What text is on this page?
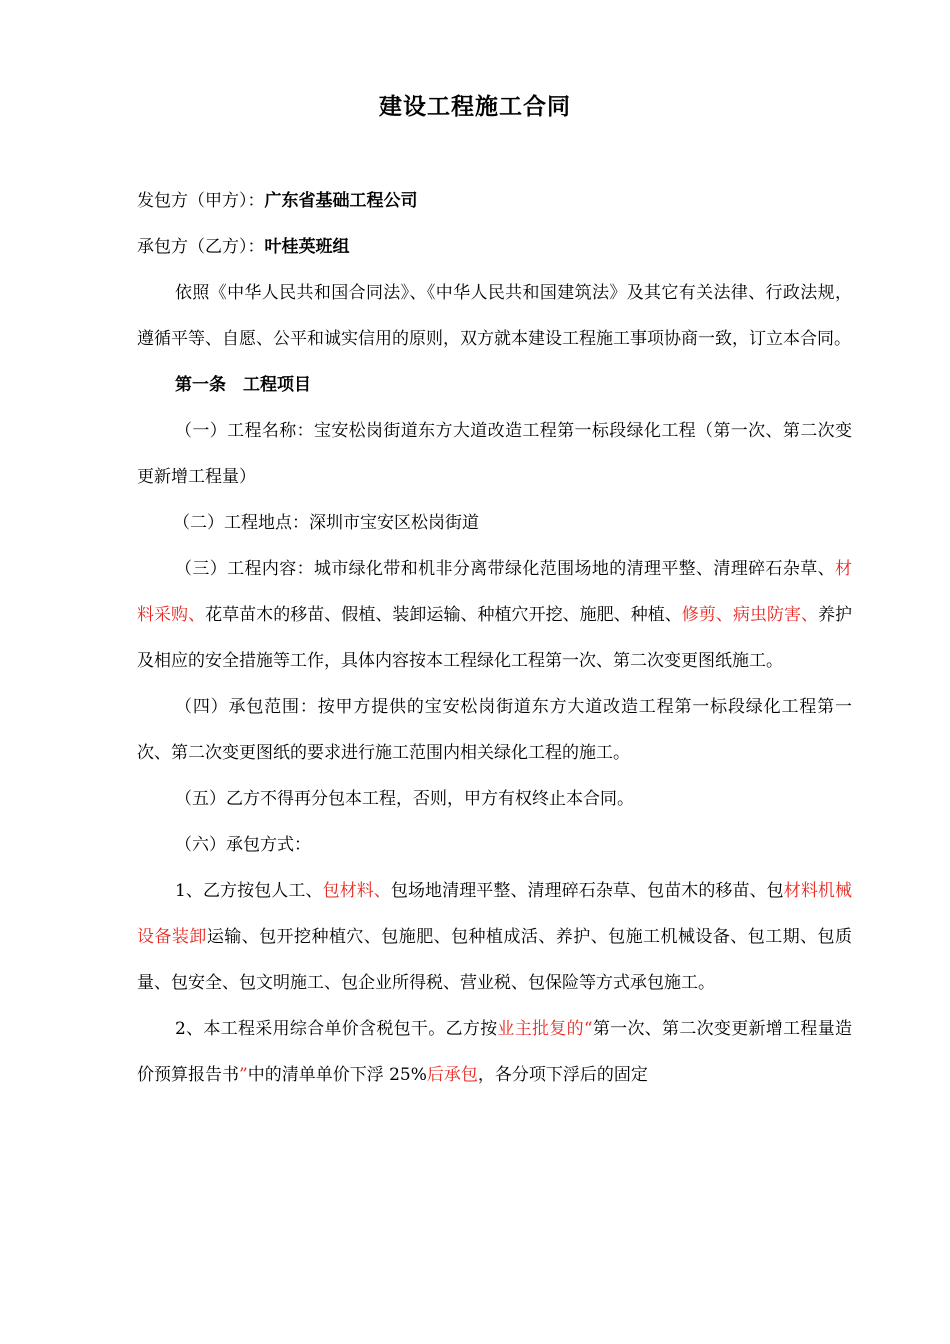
建设工程施工合同

发包方（甲方）：广东省基础工程公司

承包方（乙方）：叶桂英班组

依照《中华人民共和国合同法》、《中华人民共和国建筑法》及其它有关法律、行政法规，遵循平等、自愿、公平和诚实信用的原则，双方就本建设工程施工事项协商一致，订立本合同。

第一条　工程项目

（一）工程名称：宝安松岗街道东方大道改造工程第一标段绿化工程（第一次、第二次变更新增工程量）

（二）工程地点：深圳市宝安区松岗街道

（三）工程内容：城市绿化带和机非分离带绿化范围场地的清理平整、清理碎石杂草、材料采购、花草苗木的移苗、假植、装卸运输、种植穴开挖、施肥、种植、修剪、病虫防害、养护及相应的安全措施等工作，具体内容按本工程绿化工程第一次、第二次变更图纸施工。

（四）承包范围：按甲方提供的宝安松岗街道东方大道改造工程第一标段绿化工程第一次、第二次变更图纸的要求进行施工范围内相关绿化工程的施工。

（五）乙方不得再分包本工程，否则，甲方有权终止本合同。

（六）承包方式：

1、乙方按包人工、包材料、包场地清理平整、清理碎石杂草、包苗木的移苗、包材料机械设备装卸运输、包开挖种植穴、包施肥、包种植成活、养护、包施工机械设备、包工期、包质量、包安全、包文明施工、包企业所得税、营业税、包保险等方式承包施工。

2、本工程采用综合单价含税包干。乙方按业主批复的“第一次、第二次变更新增工程量造价预算报告书”中的清单单价下浮 25%后承包，各分项下浮后的固定
